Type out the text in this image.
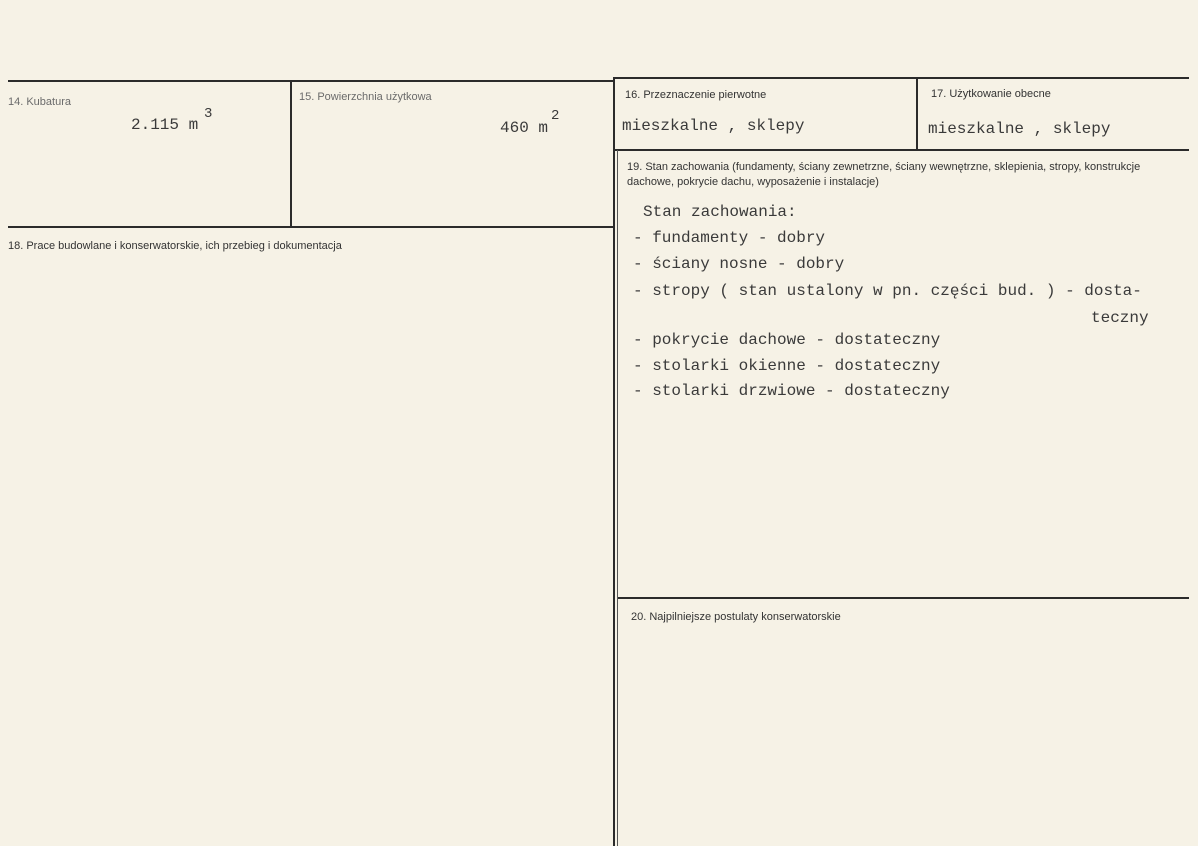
14. Kubatura
2.115 m
3
15. Powierzchnia użytkowa
460 m
2
16. Przeznaczenie pierwotne
mieszkalne , sklepy
17. Użytkowanie obecne
mieszkalne , sklepy
18. Prace budowlane i konserwatorskie, ich przebieg i dokumentacja
19. Stan zachowania (fundamenty, ściany zewnetrzne, ściany wewnętrzne, sklepienia, stropy, konstrukcje dachowe, pokrycie dachu, wyposażenie i instalacje)
Stan zachowania:
- fundamenty - dobry
- ściany nosne - dobry
- stropy ( stan ustalony w pn. części bud. ) - dosta-
teczny
- pokrycie dachowe - dostateczny
- stolarki okienne - dostateczny
- stolarki drzwiowe - dostateczny
20. Najpilniejsze postulaty konserwatorskie
